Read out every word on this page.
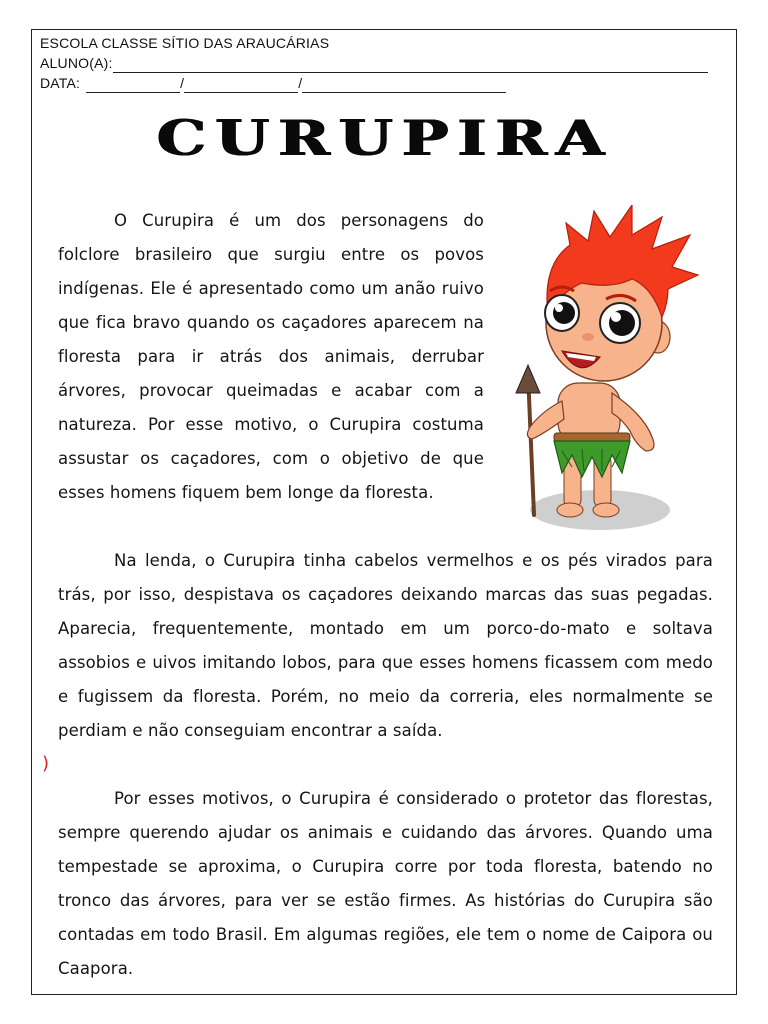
ESCOLA CLASSE SÍTIO DAS ARAUCÁRIAS
ALUNO(A):
DATA:	/	/
CURUPIRA
O Curupira é um dos personagens do folclore brasileiro que surgiu entre os povos indígenas. Ele é apresentado como um anão ruivo que fica bravo quando os caçadores aparecem na floresta para ir atrás dos animais, derrubar árvores, provocar queimadas e acabar com a natureza. Por esse motivo, o Curupira costuma assustar os caçadores, com o objetivo de que esses homens fiquem bem longe da floresta.
Na lenda, o Curupira tinha cabelos vermelhos e os pés virados para trás, por isso, despistava os caçadores deixando marcas das suas pegadas. Aparecia, frequentemente, montado em um porco-do-mato e soltava assobios e uivos imitando lobos, para que esses homens ficassem com medo e fugissem da floresta. Porém, no meio da correria, eles normalmente se perdiam e não conseguiam encontrar a saída.
)
Por esses motivos, o Curupira é considerado o protetor das florestas, sempre querendo ajudar os animais e cuidando das árvores. Quando uma tempestade se aproxima, o Curupira corre por toda floresta, batendo no tronco das árvores, para ver se estão firmes. As histórias do Curupira são contadas em todo Brasil. Em algumas regiões, ele tem o nome de Caipora ou Caapora.
